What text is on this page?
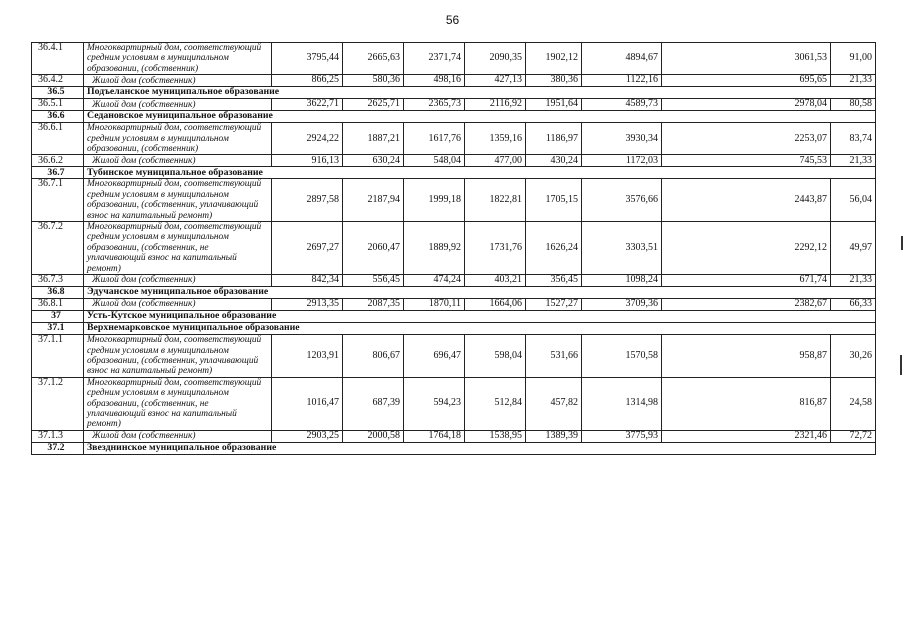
56
36.4.1	Многоквартирный дом, соответствующий средним условиям в муниципальном образовании, (собственник)	3795,44	2665,63	2371,74	2090,35	1902,12	4894,67	3061,53	91,00
36.4.2	Жилой дом (собственник)	866,25	580,36	498,16	427,13	380,36	1122,16	695,65	21,33
36.5	Подъеланское муниципальное образование								
36.5.1	Жилой дом (собственник)	3622,71	2625,71	2365,73	2116,92	1951,64	4589,73	2978,04	80,58
36.6	Седановское муниципальное образование								
36.6.1	Многоквартирный дом, соответствующий средним условиям в муниципальном образовании, (собственник)	2924,22	1887,21	1617,76	1359,16	1186,97	3930,34	2253,07	83,74
36.6.2	Жилой дом (собственник)	916,13	630,24	548,04	477,00	430,24	1172,03	745,53	21,33
36.7	Тубинское муниципальное образование								
36.7.1	Многоквартирный дом, соответствующий средним условиям в муниципальном образовании, (собственник, уплачивающий взнос на капитальный ремонт)	2897,58	2187,94	1999,18	1822,81	1705,15	3576,66	2443,87	56,04
36.7.2	Многоквартирный дом, соответствующий средним условиям в муниципальном образовании, (собственник, не уплачивающий взнос на капитальный ремонт)	2697,27	2060,47	1889,92	1731,76	1626,24	3303,51	2292,12	49,97
36.7.3	Жилой дом (собственник)	842,34	556,45	474,24	403,21	356,45	1098,24	671,74	21,33
36.8	Эдучанское муниципальное образование								
36.8.1	Жилой дом (собственник)	2913,35	2087,35	1870,11	1664,06	1527,27	3709,36	2382,67	66,33
37	Усть-Кутское муниципальное образование								
37.1	Верхнемарковское муниципальное образование								
37.1.1	Многоквартирный дом, соответствующий средним условиям в муниципальном образовании, (собственник, уплачивающий взнос на капитальный ремонт)	1203,91	806,67	696,47	598,04	531,66	1570,58	958,87	30,26
37.1.2	Многоквартирный дом, соответствующий средним условиям в муниципальном образовании, (собственник, не уплачивающий взнос на капитальный ремонт)	1016,47	687,39	594,23	512,84	457,82	1314,98	816,87	24,58
37.1.3	Жилой дом (собственник)	2903,25	2000,58	1764,18	1538,95	1389,39	3775,93	2321,46	72,72
37.2	Звезднинское муниципальное образование								
